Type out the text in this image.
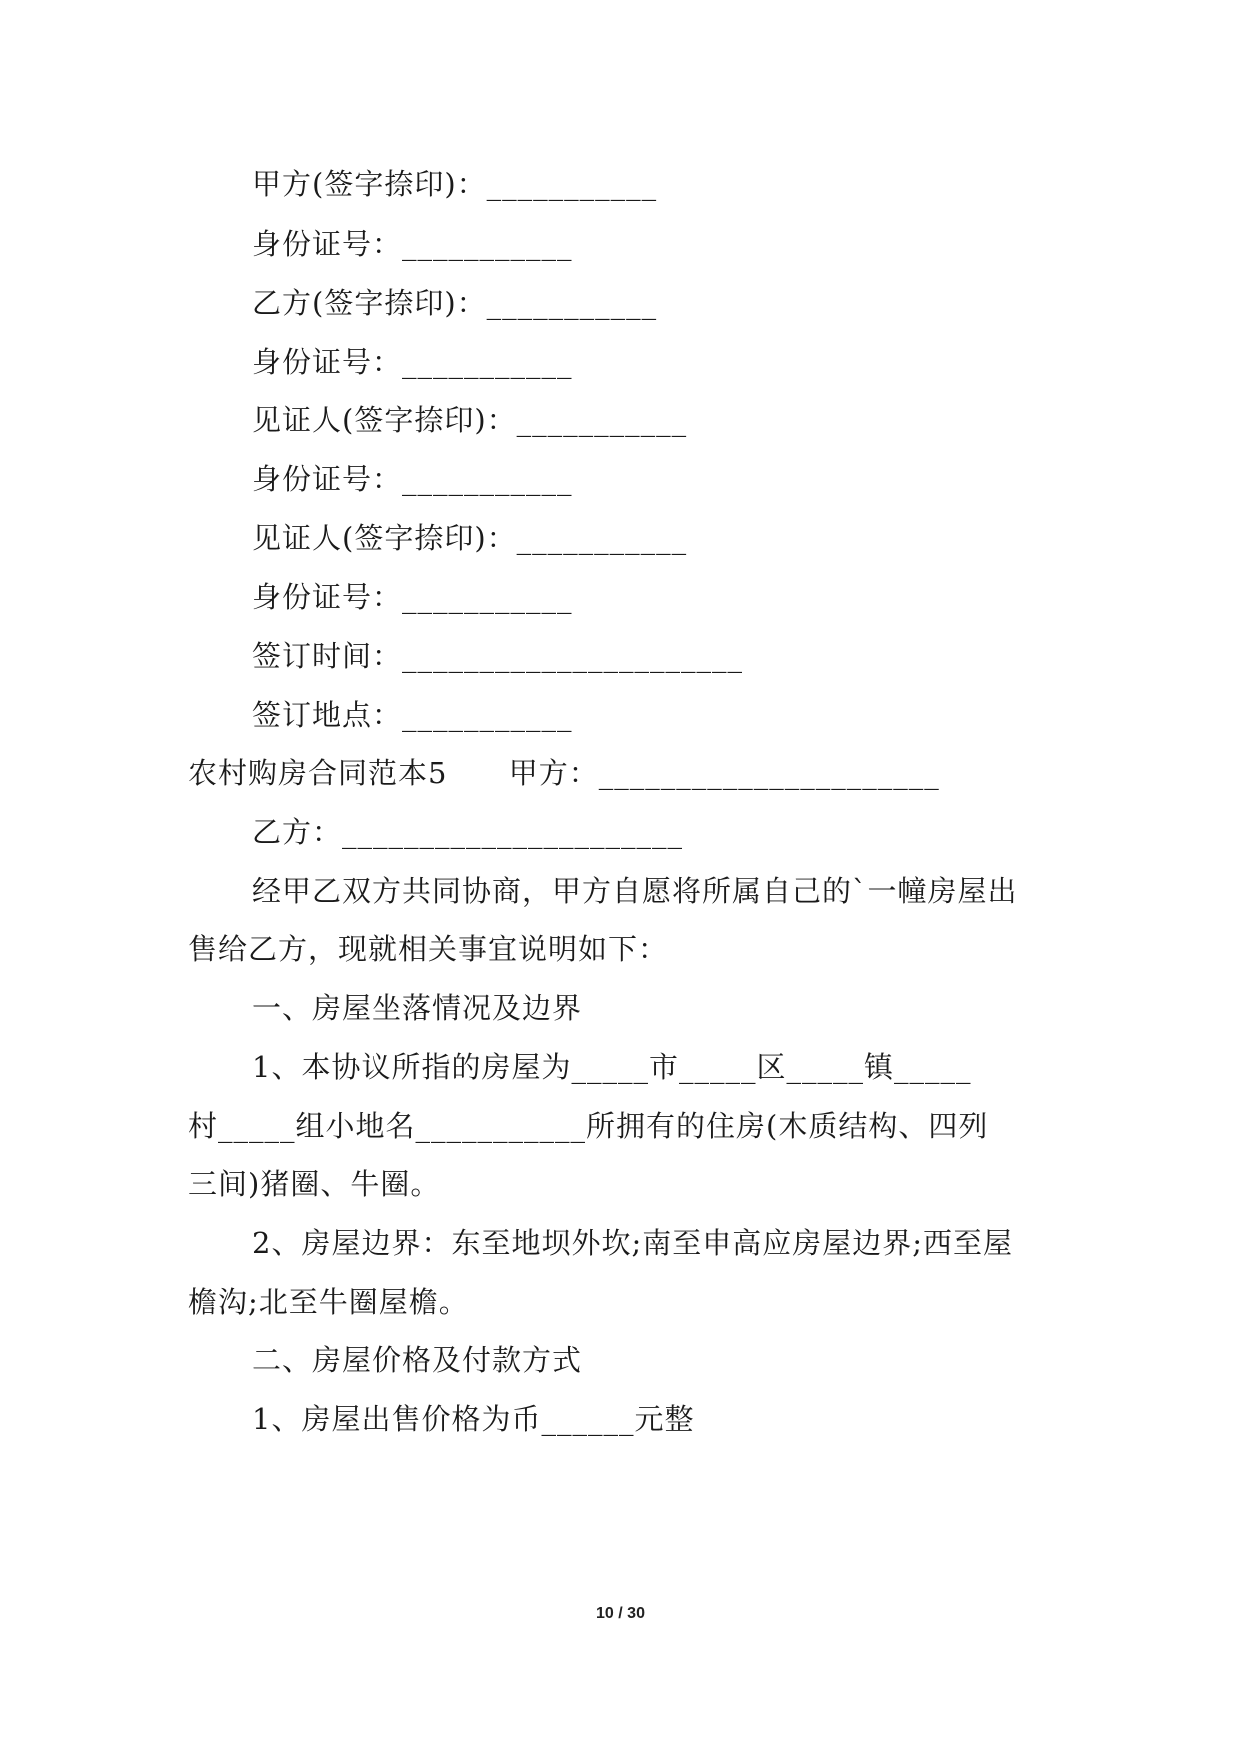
甲方(签字捺印)：___________
身份证号：___________
乙方(签字捺印)：___________
身份证号：___________
见证人(签字捺印)：___________
身份证号：___________
见证人(签字捺印)：___________
身份证号：___________
签订时间：______________________
签订地点：___________
农村购房合同范本5      甲方：______________________
乙方：______________________
经甲乙双方共同协商，甲方自愿将所属自己的`一幢房屋出
售给乙方，现就相关事宜说明如下：
一、房屋坐落情况及边界
1、本协议所指的房屋为_____市_____区_____镇_____
村_____组小地名___________所拥有的住房(木质结构、四列
三间)猪圈、牛圈。
2、房屋边界：东至地坝外坎;南至申高应房屋边界;西至屋
檐沟;北至牛圈屋檐。
二、房屋价格及付款方式
1、房屋出售价格为币______元整
10 / 30
